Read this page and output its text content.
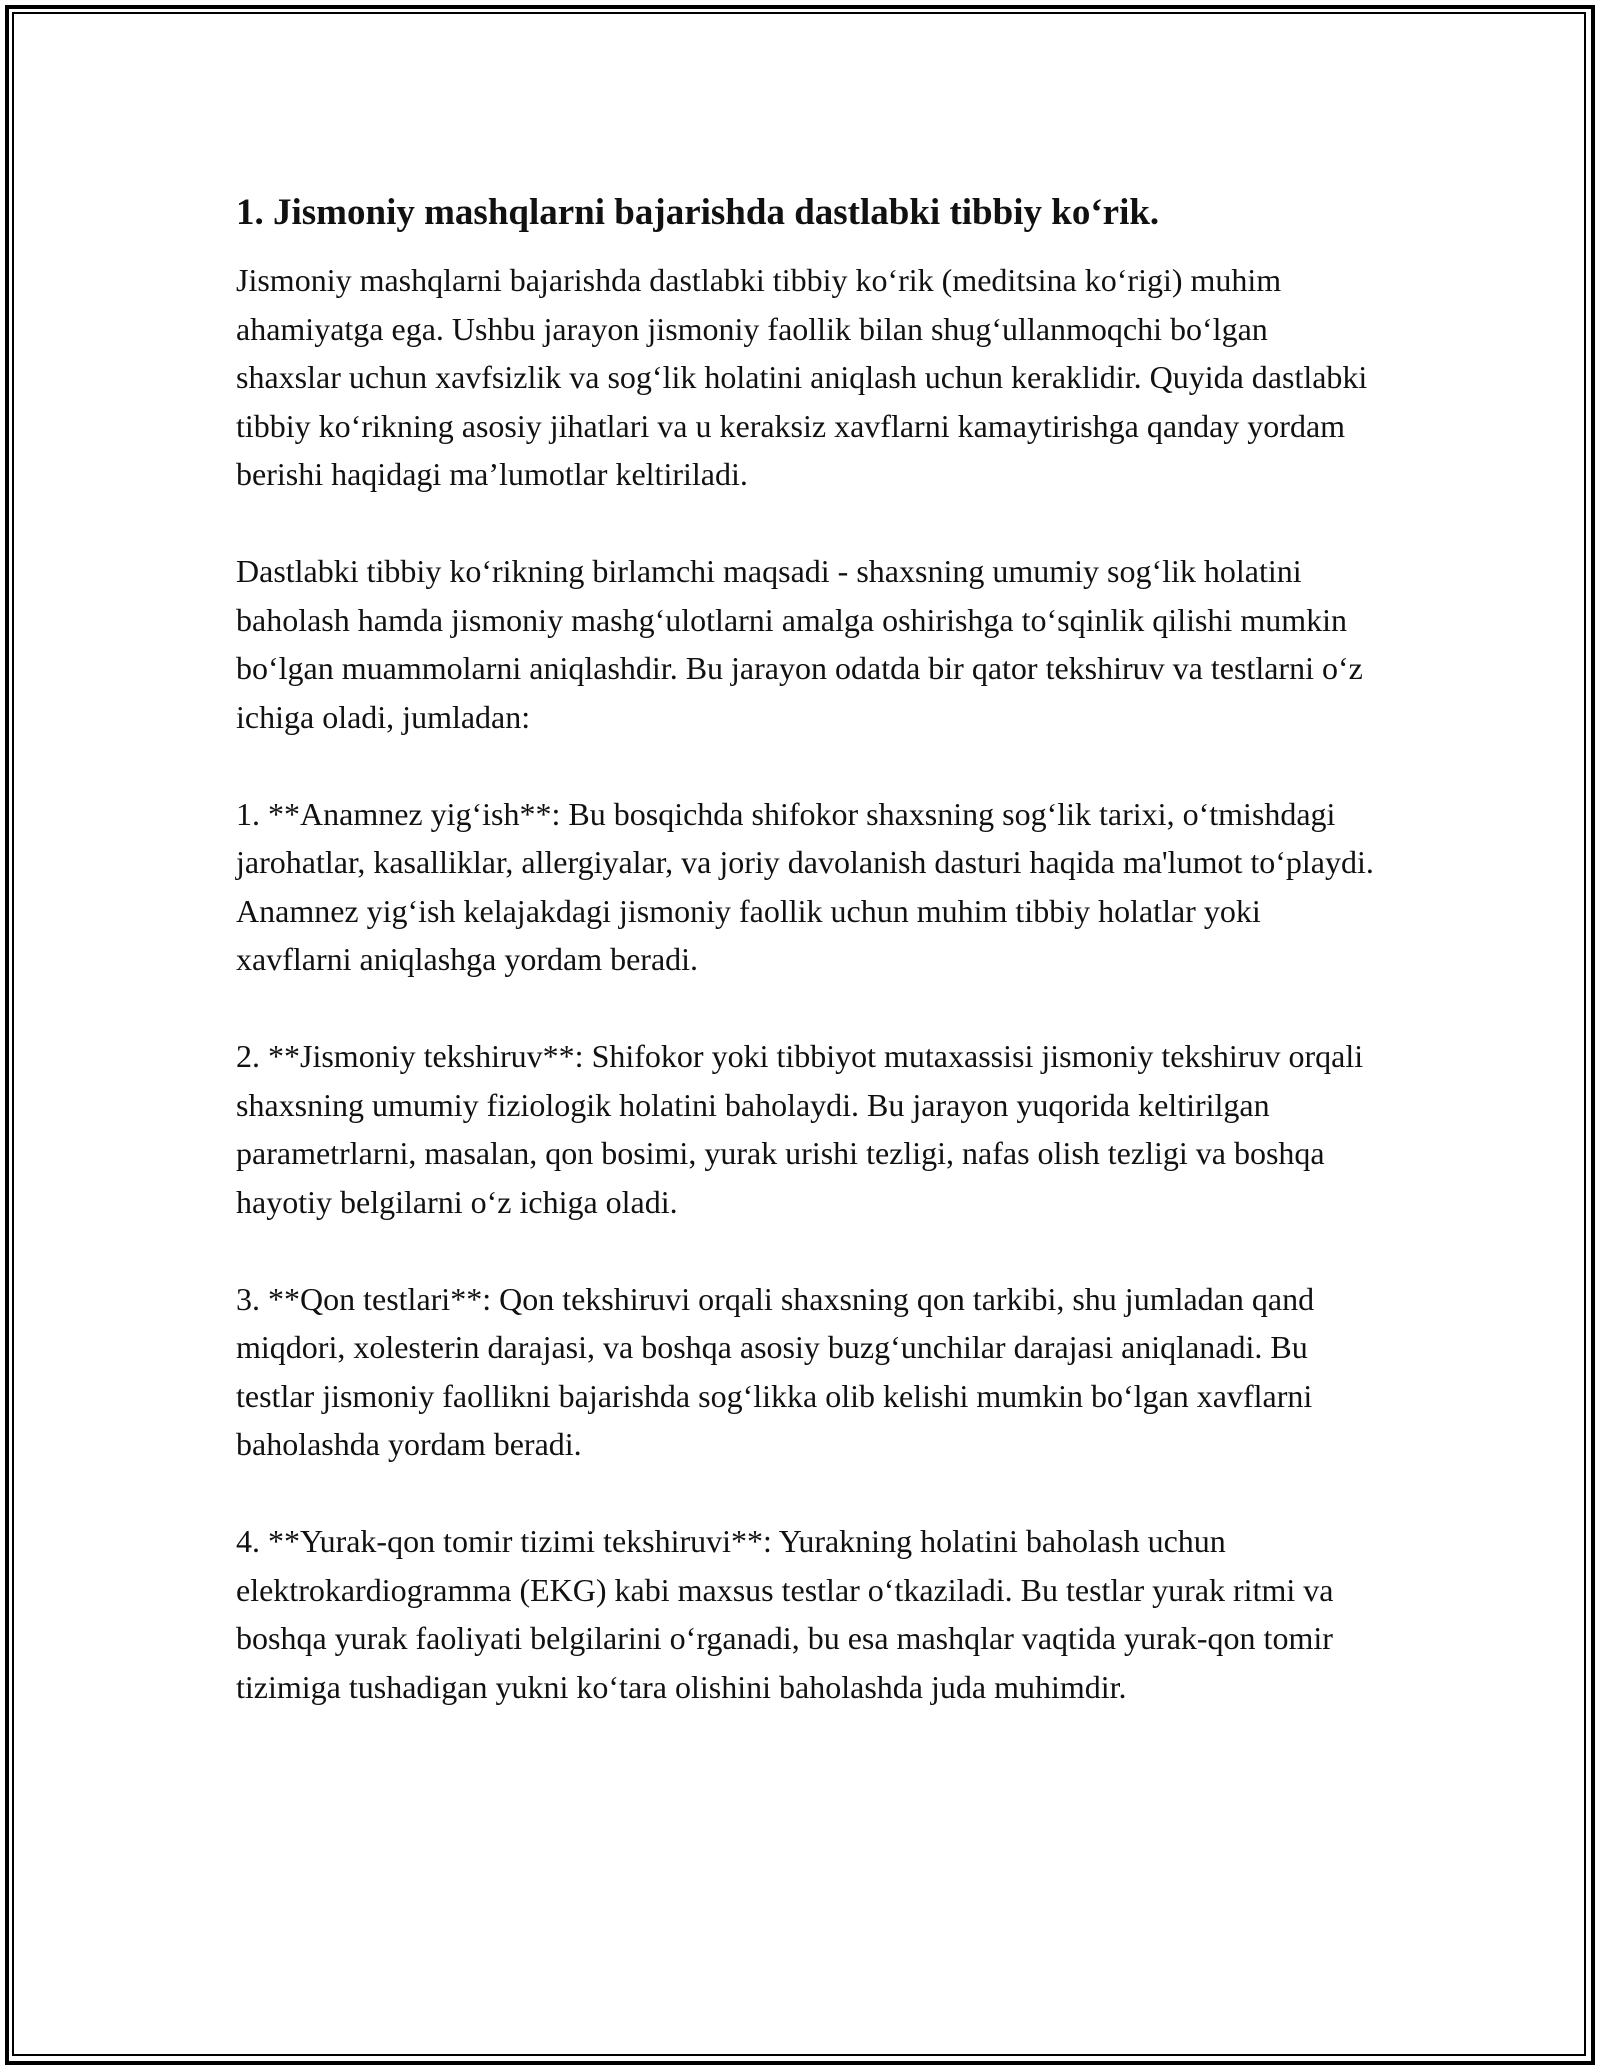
1. Jismoniy mashqlarni bajarishda dastlabki tibbiy ko‘rik.

Jismoniy mashqlarni bajarishda dastlabki tibbiy ko‘rik (meditsina ko‘rigi) muhim ahamiyatga ega. Ushbu jarayon jismoniy faollik bilan shug‘ullanmoqchi bo‘lgan shaxslar uchun xavfsizlik va sog‘lik holatini aniqlash uchun keraklidir. Quyida dastlabki tibbiy ko‘rikning asosiy jihatlari va u keraksiz xavflarni kamaytirishga qanday yordam berishi haqidagi ma’lumotlar keltiriladi.

Dastlabki tibbiy ko‘rikning birlamchi maqsadi - shaxsning umumiy sog‘lik holatini baholash hamda jismoniy mashg‘ulotlarni amalga oshirishga to‘sqinlik qilishi mumkin bo‘lgan muammolarni aniqlashdir. Bu jarayon odatda bir qator tekshiruv va testlarni o‘z ichiga oladi, jumladan:

1. **Anamnez yig‘ish**: Bu bosqichda shifokor shaxsning sog‘lik tarixi, o‘tmishdagi jarohatlar, kasalliklar, allergiyalar, va joriy davolanish dasturi haqida ma'lumot to‘playdi. Anamnez yig‘ish kelajakdagi jismoniy faollik uchun muhim tibbiy holatlar yoki xavflarni aniqlashga yordam beradi.

2. **Jismoniy tekshiruv**: Shifokor yoki tibbiyot mutaxassisi jismoniy tekshiruv orqali shaxsning umumiy fiziologik holatini baholaydi. Bu jarayon yuqorida keltirilgan parametrlarni, masalan, qon bosimi, yurak urishi tezligi, nafas olish tezligi va boshqa hayotiy belgilarni o‘z ichiga oladi.

3. **Qon testlari**: Qon tekshiruvi orqali shaxsning qon tarkibi, shu jumladan qand miqdori, xolesterin darajasi, va boshqa asosiy buzg‘unchilar darajasi aniqlanadi. Bu testlar jismoniy faollikni bajarishda sog‘likka olib kelishi mumkin bo‘lgan xavflarni baholashda yordam beradi.

4. **Yurak-qon tomir tizimi tekshiruvi**: Yurakning holatini baholash uchun elektrokardiogramma (EKG) kabi maxsus testlar o‘tkaziladi. Bu testlar yurak ritmi va boshqa yurak faoliyati belgilarini o‘rganadi, bu esa mashqlar vaqtida yurak-qon tomir tizimiga tushadigan yukni ko‘tara olishini baholashda juda muhimdir.
